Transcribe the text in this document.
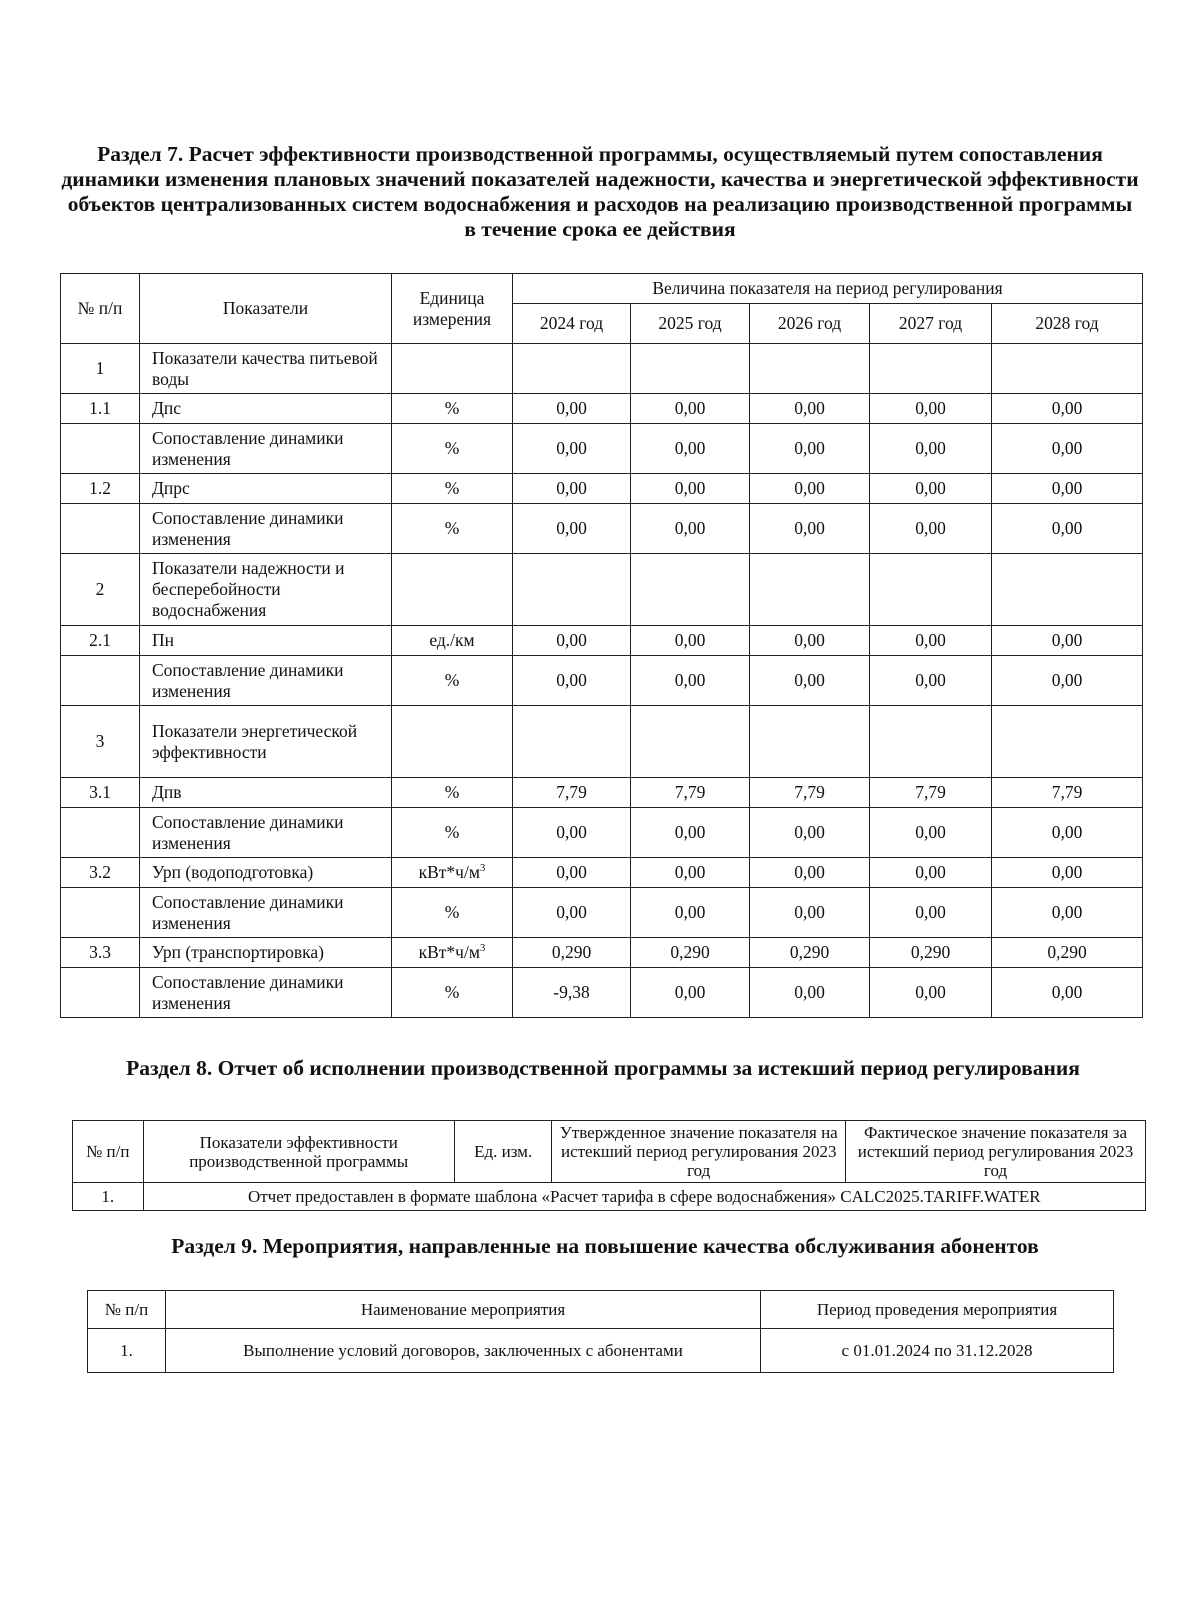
Раздел 7. Расчет эффективности производственной программы, осуществляемый путем сопоставления динамики изменения плановых значений показателей надежности, качества и энергетической эффективности объектов централизованных систем водоснабжения и расходов на реализацию производственной программы в течение срока ее действия
№ п/п	Показатели	Единица измерения	Величина показателя на период регулирования				
			2024 год	2025 год	2026 год	2027 год	2028 год
1	Показатели качества питьевой воды						
1.1	Дпс	%	0,00	0,00	0,00	0,00	0,00
	Сопоставление динамики изменения	%	0,00	0,00	0,00	0,00	0,00
1.2	Дпрс	%	0,00	0,00	0,00	0,00	0,00
	Сопоставление динамики изменения	%	0,00	0,00	0,00	0,00	0,00
2	Показатели надежности и бесперебойности водоснабжения						
2.1	Пн	ед./км	0,00	0,00	0,00	0,00	0,00
	Сопоставление динамики изменения	%	0,00	0,00	0,00	0,00	0,00
3	Показатели энергетической эффективности						
3.1	Дпв	%	7,79	7,79	7,79	7,79	7,79
	Сопоставление динамики изменения	%	0,00	0,00	0,00	0,00	0,00
3.2	Урп (водоподготовка)	$кВт*ч/м^3$	0,00	0,00	0,00	0,00	0,00
	Сопоставление динамики изменения	%	0,00	0,00	0,00	0,00	0,00
3.3	Урп (транспортировка)	$кВт*ч/м^3$	0,290	0,290	0,290	0,290	0,290
	Сопоставление динамики изменения	%	-9,38	0,00	0,00	0,00	0,00
Раздел 8. Отчет об исполнении производственной программы за истекший период регулирования
№ п/п	Показатели эффективности производственной программы	Ед. изм.	Утвержденное значение показателя на истекший период регулирования 2023 год	Фактическое значение показателя за истекший период регулирования 2023 год
1.	Отчет предоставлен в формате шаблона «Расчет тарифа в сфере водоснабжения» CALC2025.TARIFF.WATER			
Раздел 9. Мероприятия, направленные на повышение качества обслуживания абонентов
№ п/п	Наименование мероприятия	Период проведения мероприятия
1.	Выполнение условий договоров, заключенных с абонентами	с 01.01.2024 по 31.12.2028
